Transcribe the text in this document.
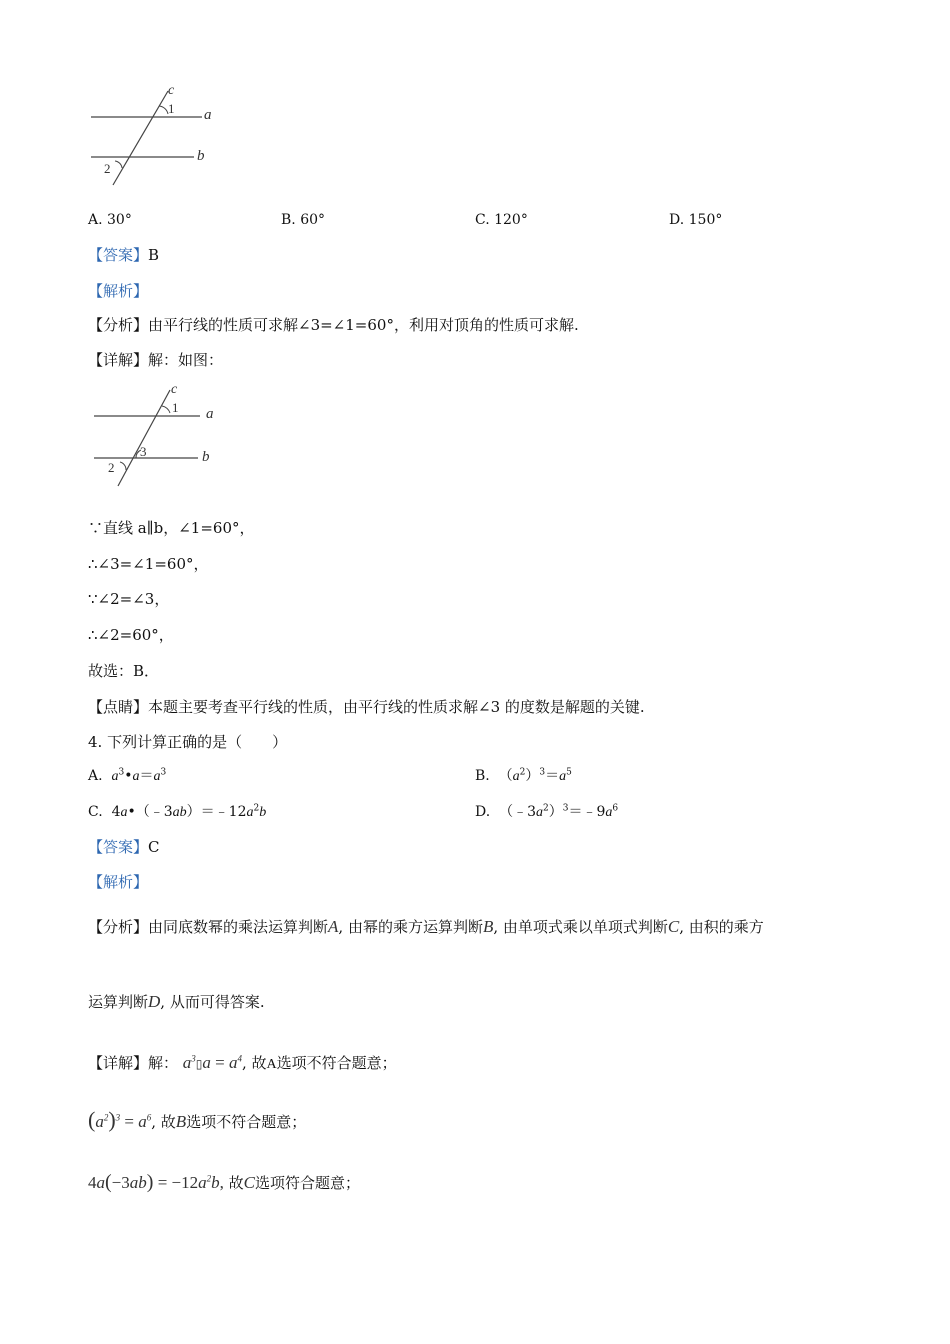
c
1 a
b
2
A. 30°	B. 60°	C. 120°	D. 150°
【答案】B
【解析】
【分析】由平行线的性质可求解∠3=∠1=60°，利用对顶角的性质可求解.
【详解】解：如图：
c
1 a
3	b
2
∵直线 a∥b，∠1=60°，
∴∠3=∠1=60°，
∵∠2=∠3，
∴∠2=60°，
故选：B．
【点睛】本题主要考查平行线的性质，由平行线的性质求解∠3 的度数是解题的关键.
4. 下列计算正确的是（　　）
A. $a^3•a=a^3$	B.  $(a^2)^3=a^5$
C.  $4a•(﹣3ab)=﹣12a^2b$	D.  $(﹣3a^2)^3=﹣9a^6$
【答案】C
【解析】
【分析】由同底数幂的乘法运算判断A, 由幂的乘方运算判断B, 由单项式乘以单项式判断C, 由积的乘方
运算判断D, 从而可得答案.
【详解】解： $a^3▯a = a^4$, 故A选项不符合题意；
$(a^2)^3 = a^6$, 故B选项不符合题意；
$4a(-3ab) = -12a^2b$, 故C选项符合题意；
